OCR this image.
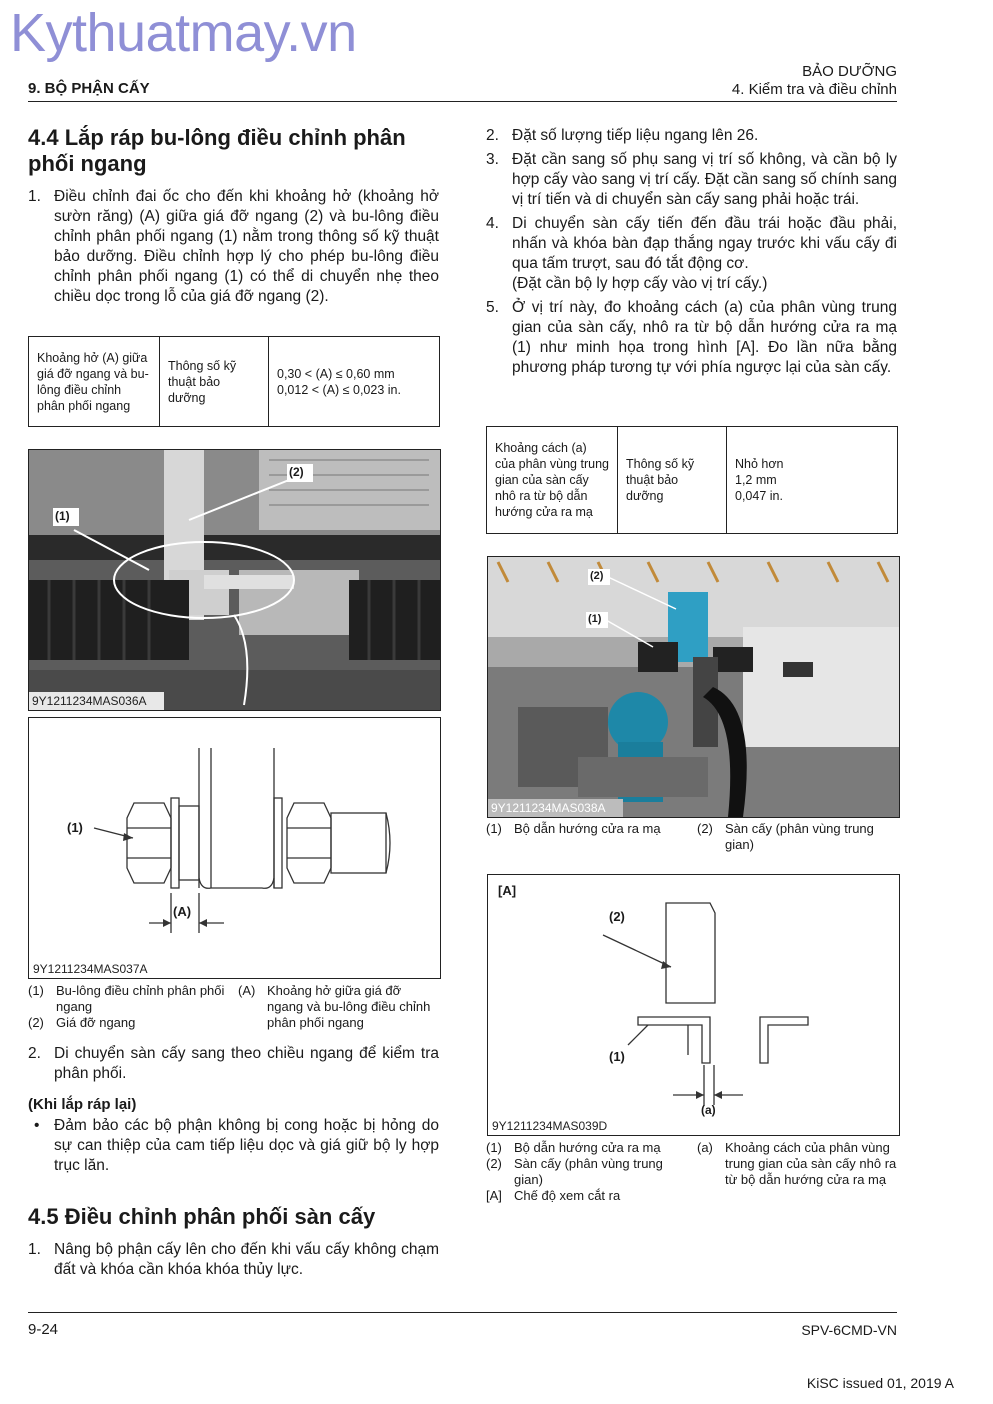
Kythuatmay.vn
9. BỘ PHẬN CẤY
BẢO DƯỠNG
4. Kiểm tra và điều chỉnh
4.4 Lắp ráp bu-lông điều chỉnh phân phối ngang

1. Điều chỉnh đai ốc cho đến khi khoảng hở (khoảng hở sườn răng) (A) giữa giá đỡ ngang (2) và bu-lông điều chỉnh phân phối ngang (1) nằm trong thông số kỹ thuật bảo dưỡng. Điều chỉnh hợp lý cho phép bu-lông điều chỉnh phân phối ngang (1) có thể di chuyển nhẹ theo chiều dọc trong lỗ của giá đỡ ngang (2).

Khoảng hở (A) giữa giá đỡ ngang và bu-lông điều chỉnh phân phối ngang	Thông số kỹ thuật bảo dưỡng	
0,30 < (A) ≤ 0,60 mm
0,012 < (A) ≤ 0,023 in.
(1)
(2)
9Y1211234MAS036A
(1)
(A)
9Y1211234MAS037A
(1) Bu-lông điều chỉnh phân phối ngang
(2) Giá đỡ ngang
(A) Khoảng hở giữa giá đỡ ngang và bu-lông điều chỉnh phân phối ngang

2. Di chuyển sàn cấy sang theo chiều ngang để kiểm tra phân phối.

(Khi lắp ráp lại)

• Đảm bảo các bộ phận không bị cong hoặc bị hỏng do sự can thiệp của cam tiếp liệu dọc và giá giữ bộ ly hợp trục lăn.

4.5 Điều chỉnh phân phối sàn cấy

1. Nâng bộ phận cấy lên cho đến khi vấu cấy không chạm đất và khóa cần khóa khóa thủy lực.

2. Đặt số lượng tiếp liệu ngang lên 26.

3. Đặt cần sang số phụ sang vị trí số không, và cần bộ ly hợp cấy vào sang vị trí cấy. Đặt cần sang số chính sang vị trí tiến và di chuyển sàn cấy sang phải hoặc trái.

4. Di chuyển sàn cấy tiến đến đầu trái hoặc đầu phải, nhấn và khóa bàn đạp thắng ngay trước khi vấu cấy đi qua tấm trượt, sau đó tắt động cơ.

(Đặt cần bộ ly hợp cấy vào vị trí cấy.)

5. Ở vị trí này, đo khoảng cách (a) của phân vùng trung gian của sàn cấy, nhô ra từ bộ dẫn hướng cửa ra mạ (1) như minh họa trong hình [A]. Đo lần nữa bằng phương pháp tương tự với phía ngược lại của sàn cấy.

Khoảng cách (a) của phân vùng trung gian của sàn cấy nhô ra từ bộ dẫn hướng cửa ra mạ	Thông số kỹ thuật bảo dưỡng	
Nhỏ hơn
1,2 mm
0,047 in.
(2)
(1)
9Y1211234MAS038A
(1) Bộ dẫn hướng cửa ra mạ	(2) Sàn cấy (phân vùng trung gian)
[A]
(2)
(1)
(a)
9Y1211234MAS039D
(1) Bộ dẫn hướng cửa ra mạ
(2) Sàn cấy (phân vùng trung gian)
[A] Chế độ xem cắt ra
(a) Khoảng cách của phân vùng trung gian của sàn cấy nhô ra từ bộ dẫn hướng cửa ra mạ
9-24	SPV-6CMD-VN
KiSC issued 01, 2019 A
